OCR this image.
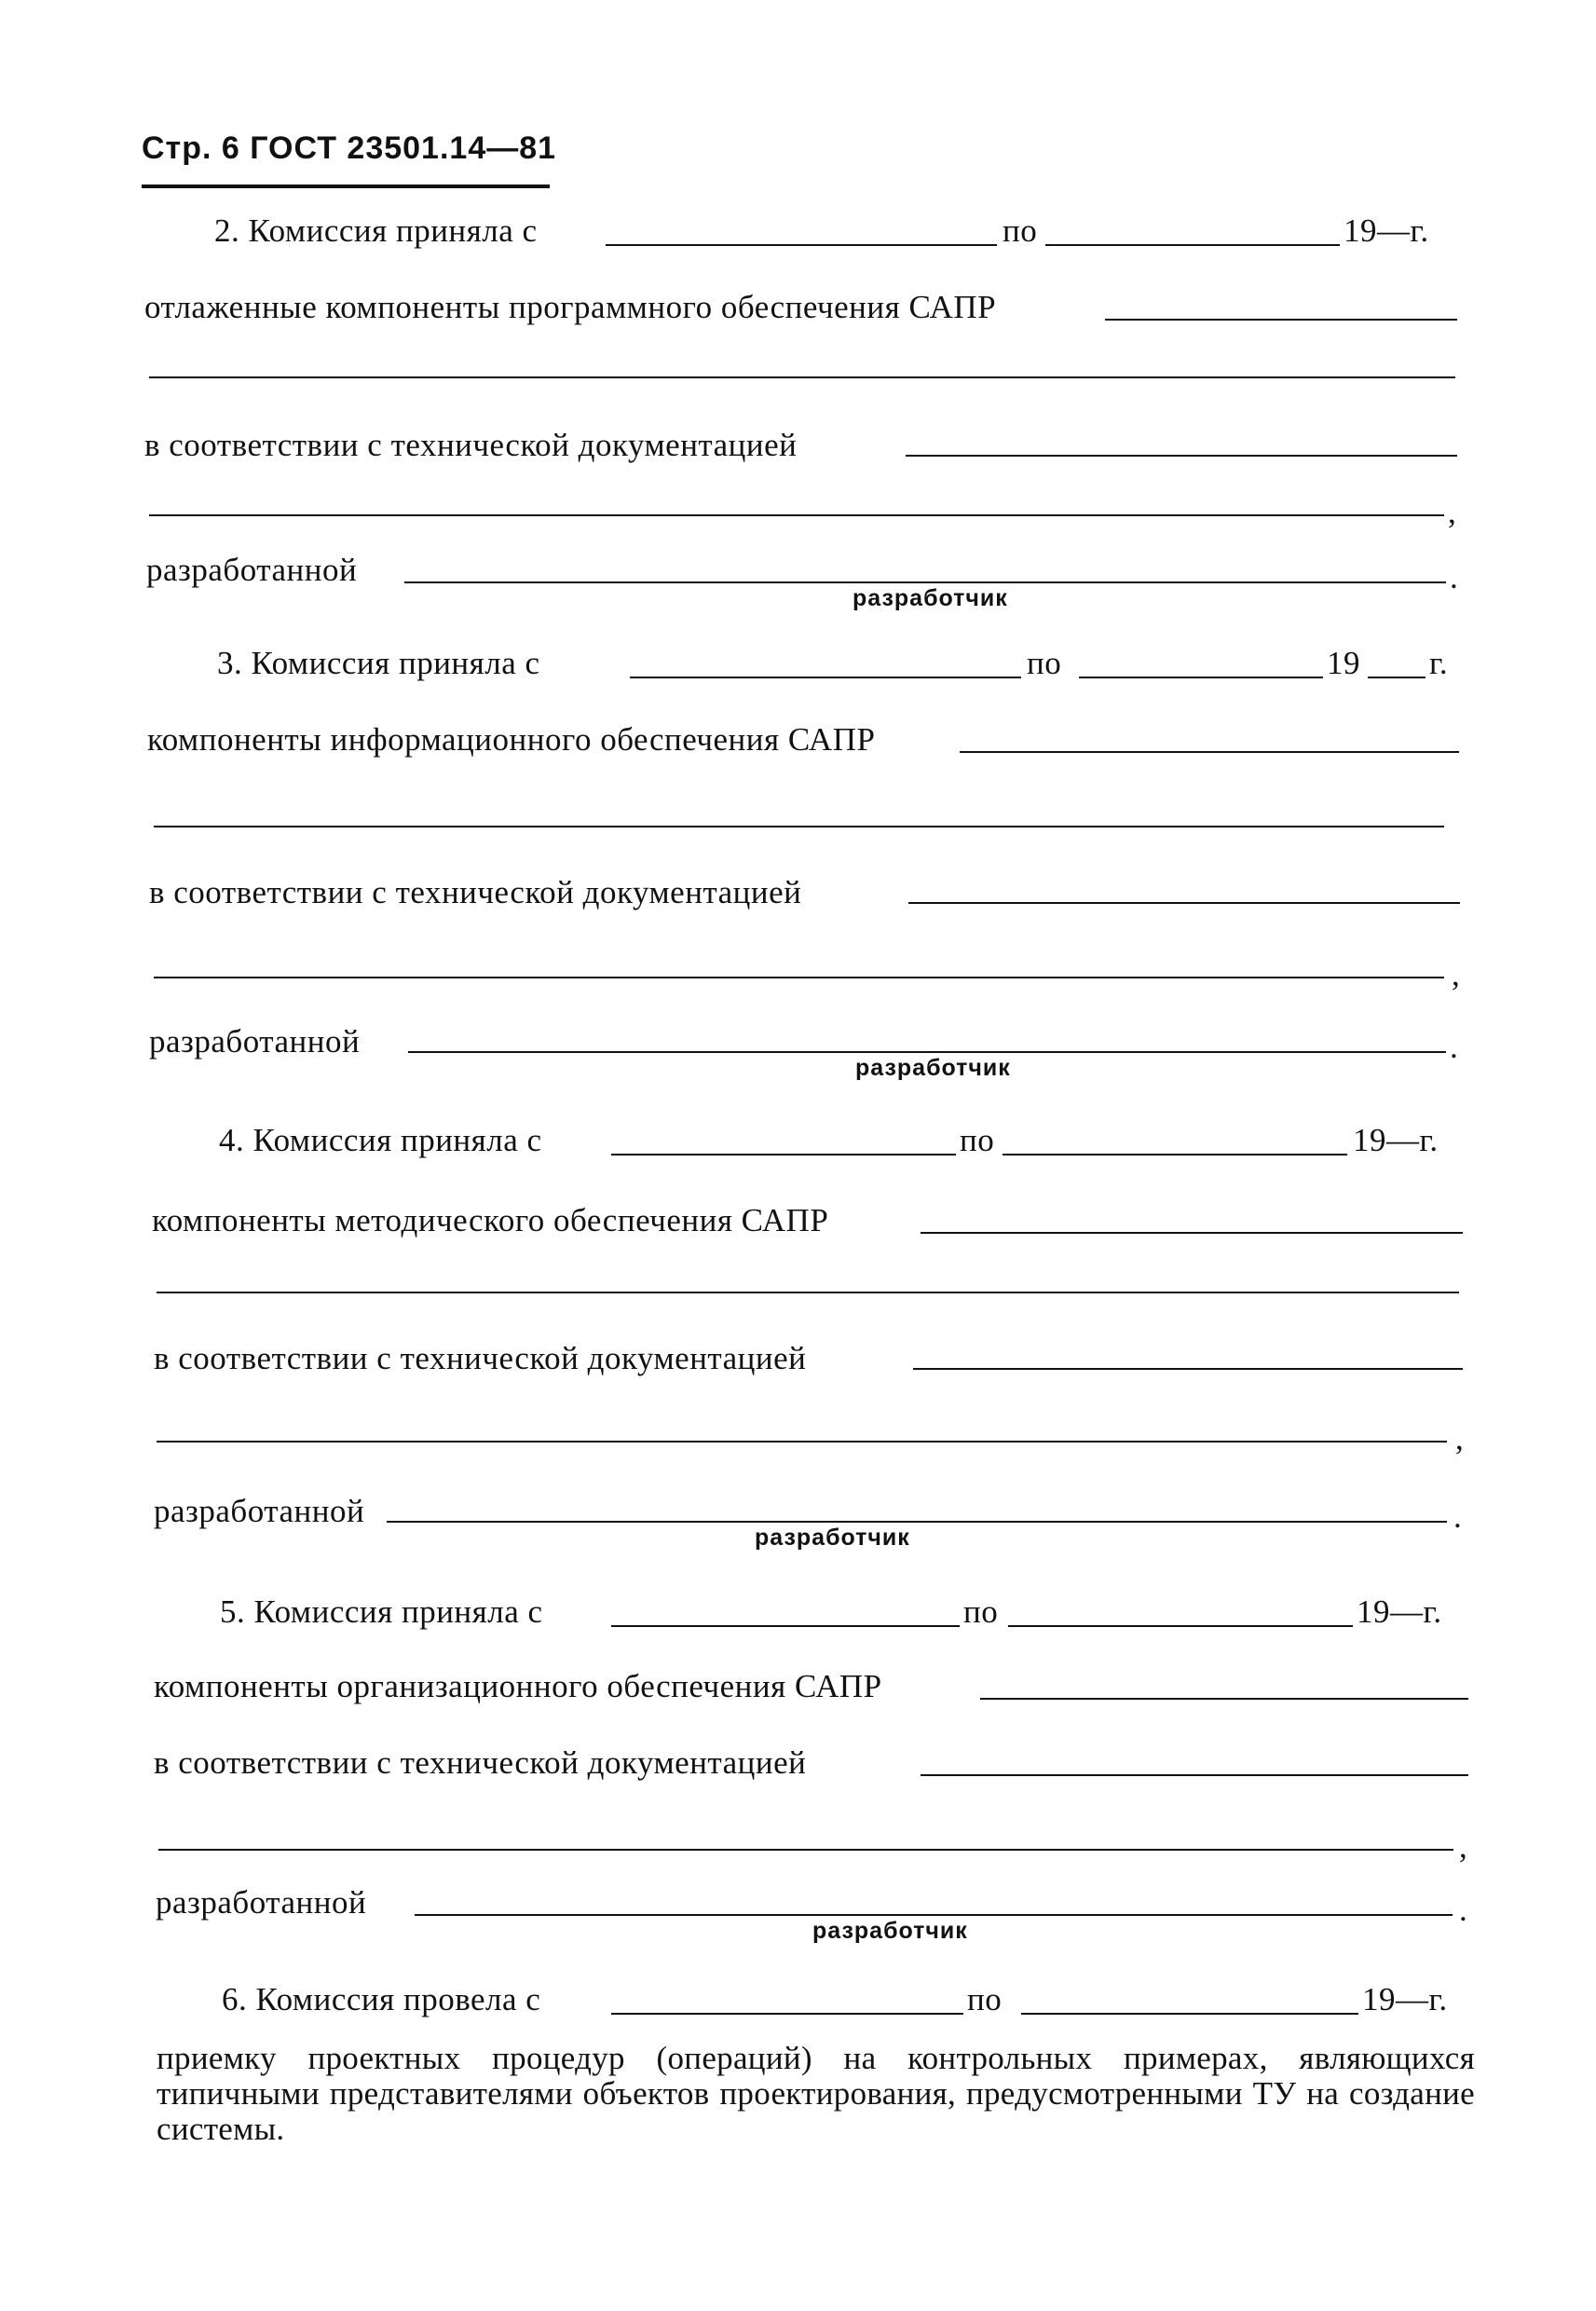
Стр. 6 ГОСТ 23501.14—81
2. Комиссия приняла с	по	19—г.
отлаженные компоненты программного обеспечения САПР
в соответствии с технической документацией
,
разработанной	.
разработчик
3. Комиссия приняла с	по	19 г.
компоненты информационного обеспечения САПР
в соответствии с технической документацией
,
разработанной	.
разработчик
4. Комиссия приняла с	по	19—г.
компоненты методического обеспечения САПР
в соответствии с технической документацией
,
разработанной	.
разработчик
5. Комиссия приняла с	по	19—г.
компоненты организационного обеспечения САПР
в соответствии с технической документацией
,
разработанной	.
разработчик
6. Комиссия провела с	по	19—г.
приемку проектных процедур (операций) на контрольных примерах, являющихся типичными представителями объектов проектирования, предусмотренными ТУ на создание системы.
